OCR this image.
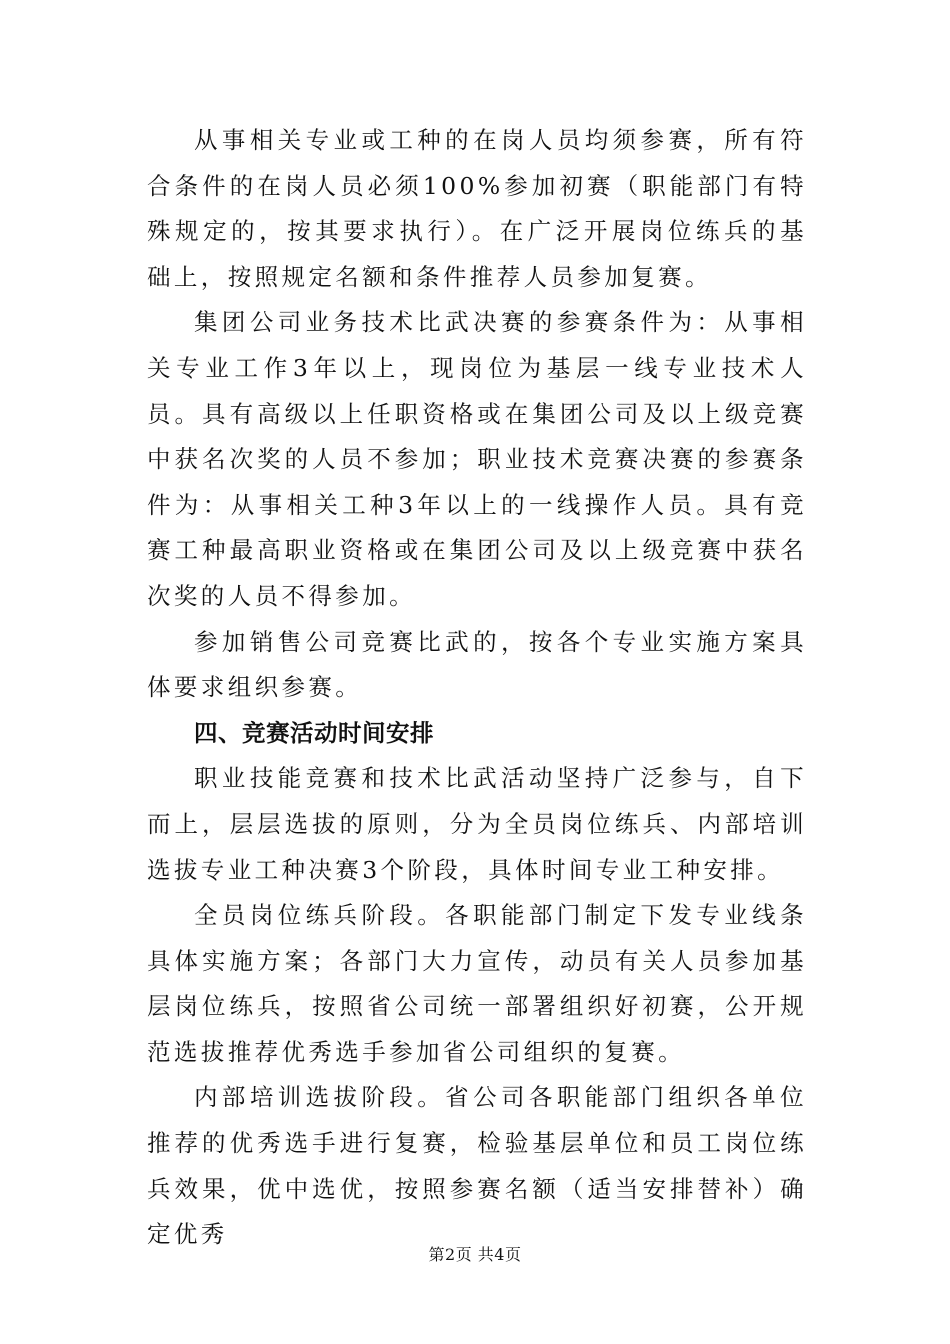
从事相关专业或工种的在岗人员均须参赛，所有符合条件的在岗人员必须100%参加初赛（职能部门有特殊规定的，按其要求执行）。在广泛开展岗位练兵的基础上，按照规定名额和条件推荐人员参加复赛。

集团公司业务技术比武决赛的参赛条件为：从事相关专业工作3年以上，现岗位为基层一线专业技术人员。具有高级以上任职资格或在集团公司及以上级竞赛中获名次奖的人员不参加；职业技术竞赛决赛的参赛条件为：从事相关工种3年以上的一线操作人员。具有竞赛工种最高职业资格或在集团公司及以上级竞赛中获名次奖的人员不得参加。

参加销售公司竞赛比武的，按各个专业实施方案具体要求组织参赛。

四、竞赛活动时间安排

职业技能竞赛和技术比武活动坚持广泛参与，自下而上，层层选拔的原则，分为全员岗位练兵、内部培训选拔专业工种决赛3个阶段，具体时间专业工种安排。

全员岗位练兵阶段。各职能部门制定下发专业线条具体实施方案；各部门大力宣传，动员有关人员参加基层岗位练兵，按照省公司统一部署组织好初赛，公开规范选拔推荐优秀选手参加省公司组织的复赛。

内部培训选拔阶段。省公司各职能部门组织各单位推荐的优秀选手进行复赛，检验基层单位和员工岗位练兵效果，优中选优，按照参赛名额（适当安排替补）确定优秀

第2页 共4页
